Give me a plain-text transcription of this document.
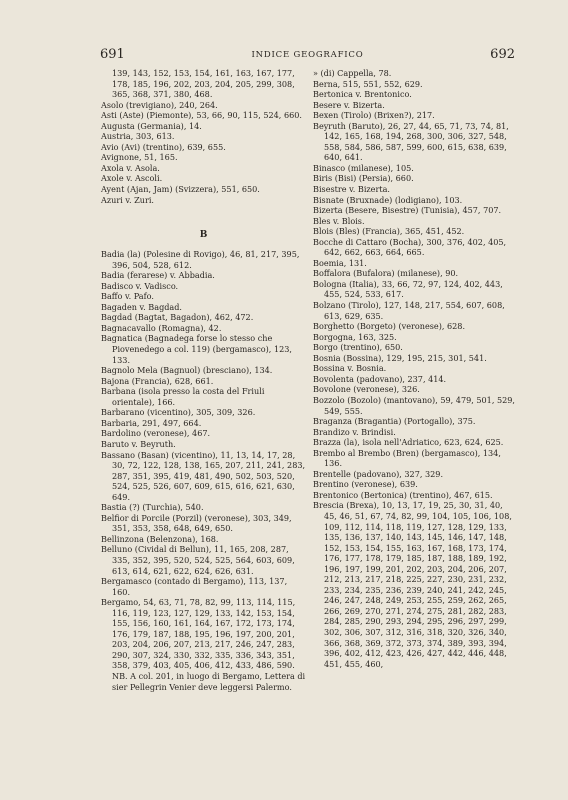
691	INDICE GEOGRAFICO	692

139, 143, 152, 153, 154, 161, 163, 167, 177, 178, 185, 196, 202, 203, 204, 205, 299, 308, 365, 368, 371, 380, 468.

Asolo (trevigiano), 240, 264.

Asti (Aste) (Piemonte), 53, 66, 90, 115, 524, 660.

Augusta (Germania), 14.

Austria, 303, 613.

Avio (Avi) (trentino), 639, 655.

Avignone, 51, 165.

Axola v. Asola.

Axole v. Ascoli.

Ayent (Ajan, Jam) (Svizzera), 551, 650.

Azuri v. Zuri.

B

Badia (la) (Polesine di Rovigo), 46, 81, 217, 395, 396, 504, 528, 612.

Badia (ferarese) v. Abbadia.

Badisco v. Vadisco.

Baffo v. Pafo.

Bagaden v. Bagdad.

Bagdad (Bagtat, Bagadon), 462, 472.

Bagnacavallo (Romagna), 42.

Bagnatica (Bagnadega forse lo stesso che Piovenedego a col. 119) (bergamasco), 123, 133.

Bagnolo Mela (Bagnuol) (bresciano), 134.

Bajona (Francia), 628, 661.

Barbana (isola presso la costa del Friuli orientale), 166.

Barbarano (vicentino), 305, 309, 326.

Barbaria, 291, 497, 664.

Bardolino (veronese), 467.

Baruto v. Beyruth.

Bassano (Basan) (vicentino), 11, 13, 14, 17, 28, 30, 72, 122, 128, 138, 165, 207, 211, 241, 283, 287, 351, 395, 419, 481, 490, 502, 503, 520, 524, 525, 526, 607, 609, 615, 616, 621, 630, 649.

Bastia (?) (Turchia), 540.

Belfior di Porcile (Porzil) (veronese), 303, 349, 351, 353, 358, 648, 649, 650.

Bellinzona (Belenzona), 168.

Belluno (Cividal di Bellun), 11, 165, 208, 287, 335, 352, 395, 520, 524, 525, 564, 603, 609, 613, 614, 621, 622, 624, 626, 631.

Bergamasco (contado di Bergamo), 113, 137, 160.

Bergamo, 54, 63, 71, 78, 82, 99, 113, 114, 115, 116, 119, 123, 127, 129, 133, 142, 153, 154, 155, 156, 160, 161, 164, 167, 172, 173, 174, 176, 179, 187, 188, 195, 196, 197, 200, 201, 203, 204, 206, 207, 213, 217, 246, 247, 283, 290, 307, 324, 330, 332, 335, 336, 343, 351, 358, 379, 403, 405, 406, 412, 433, 486, 590. NB. A col. 201, in luogo di Bergamo, Lettera di sier Pellegrin Venier deve leggersi Palermo.

» (di) Cappella, 78.

Berna, 515, 551, 552, 629.

Bertonica v. Brentonico.

Besere v. Bizerta.

Bexen (Tirolo) (Brixen?), 217.

Beyruth (Baruto), 26, 27, 44, 65, 71, 73, 74, 81, 142, 165, 168, 194, 268, 300, 306, 327, 548, 558, 584, 586, 587, 599, 600, 615, 638, 639, 640, 641.

Binasco (milanese), 105.

Biris (Bisi) (Persia), 660.

Bisestre v. Bizerta.

Bisnate (Bruxnade) (lodigiano), 103.

Bizerta (Besere, Bisestre) (Tunisia), 457, 707.

Bles v. Blois.

Blois (Bles) (Francia), 365, 451, 452.

Bocche di Cattaro (Bocha), 300, 376, 402, 405, 642, 662, 663, 664, 665.

Boemia, 131.

Boffalora (Bufalora) (milanese), 90.

Bologna (Italia), 33, 66, 72, 97, 124, 402, 443, 455, 524, 533, 617.

Bolzano (Tirolo), 127, 148, 217, 554, 607, 608, 613, 629, 635.

Borghetto (Borgeto) (veronese), 628.

Borgogna, 163, 325.

Borgo (trentino), 650.

Bosnia (Bossina), 129, 195, 215, 301, 541.

Bossina v. Bosnia.

Bovolenta (padovano), 237, 414.

Bovolone (veronese), 326.

Bozzolo (Bozolo) (mantovano), 59, 479, 501, 529, 549, 555.

Braganza (Bragantia) (Portogallo), 375.

Brandizo v. Brindisi.

Brazza (la), isola nell'Adriatico, 623, 624, 625.

Brembo al Brembo (Bren) (bergamasco), 134, 136.

Brentelle (padovano), 327, 329.

Brentino (veronese), 639.

Brentonico (Bertonica) (trentino), 467, 615.

Brescia (Brexa), 10, 13, 17, 19, 25, 30, 31, 40, 45, 46, 51, 67, 74, 82, 99, 104, 105, 106, 108, 109, 112, 114, 118, 119, 127, 128, 129, 133, 135, 136, 137, 140, 143, 145, 146, 147, 148, 152, 153, 154, 155, 163, 167, 168, 173, 174, 176, 177, 178, 179, 185, 187, 188, 189, 192, 196, 197, 199, 201, 202, 203, 204, 206, 207, 212, 213, 217, 218, 225, 227, 230, 231, 232, 233, 234, 235, 236, 239, 240, 241, 242, 245, 246, 247, 248, 249, 253, 255, 259, 262, 265, 266, 269, 270, 271, 274, 275, 281, 282, 283, 284, 285, 290, 293, 294, 295, 296, 297, 299, 302, 306, 307, 312, 316, 318, 320, 326, 340, 366, 368, 369, 372, 373, 374, 389, 393, 394, 396, 402, 412, 423, 426, 427, 442, 446, 448, 451, 455, 460,
